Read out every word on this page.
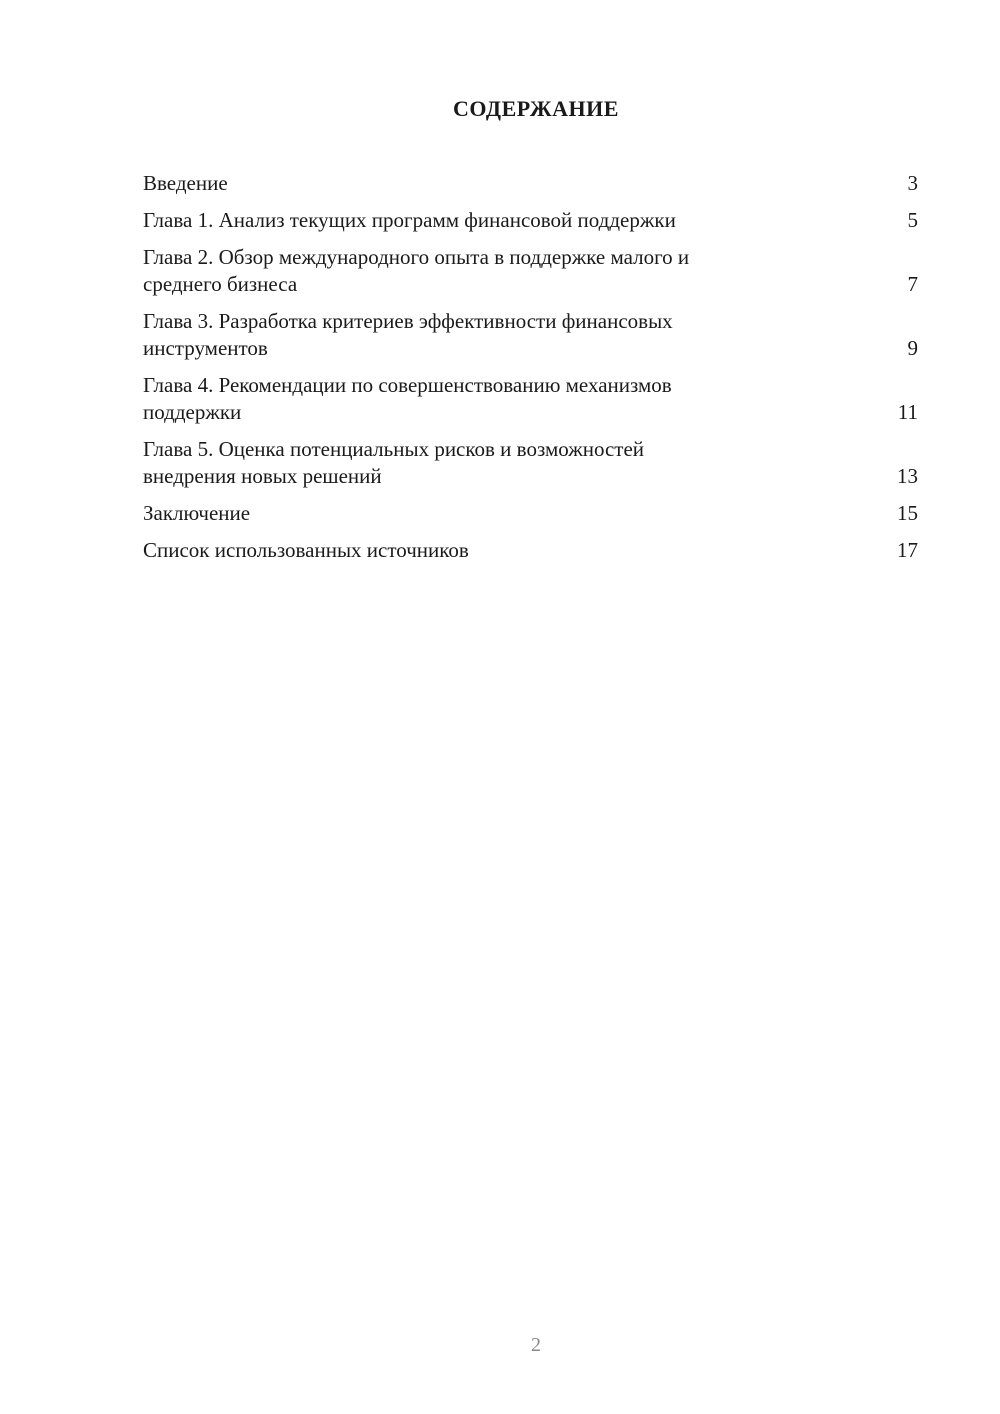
СОДЕРЖАНИЕ
Введение	3
Глава 1. Анализ текущих программ финансовой поддержки	5
Глава 2. Обзор международного опыта в поддержке малого и
среднего бизнеса	7
Глава 3. Разработка критериев эффективности финансовых
инструментов	9
Глава 4. Рекомендации по совершенствованию механизмов
поддержки	11
Глава 5. Оценка потенциальных рисков и возможностей
внедрения новых решений	13
Заключение	15
Список использованных источников	17
2
